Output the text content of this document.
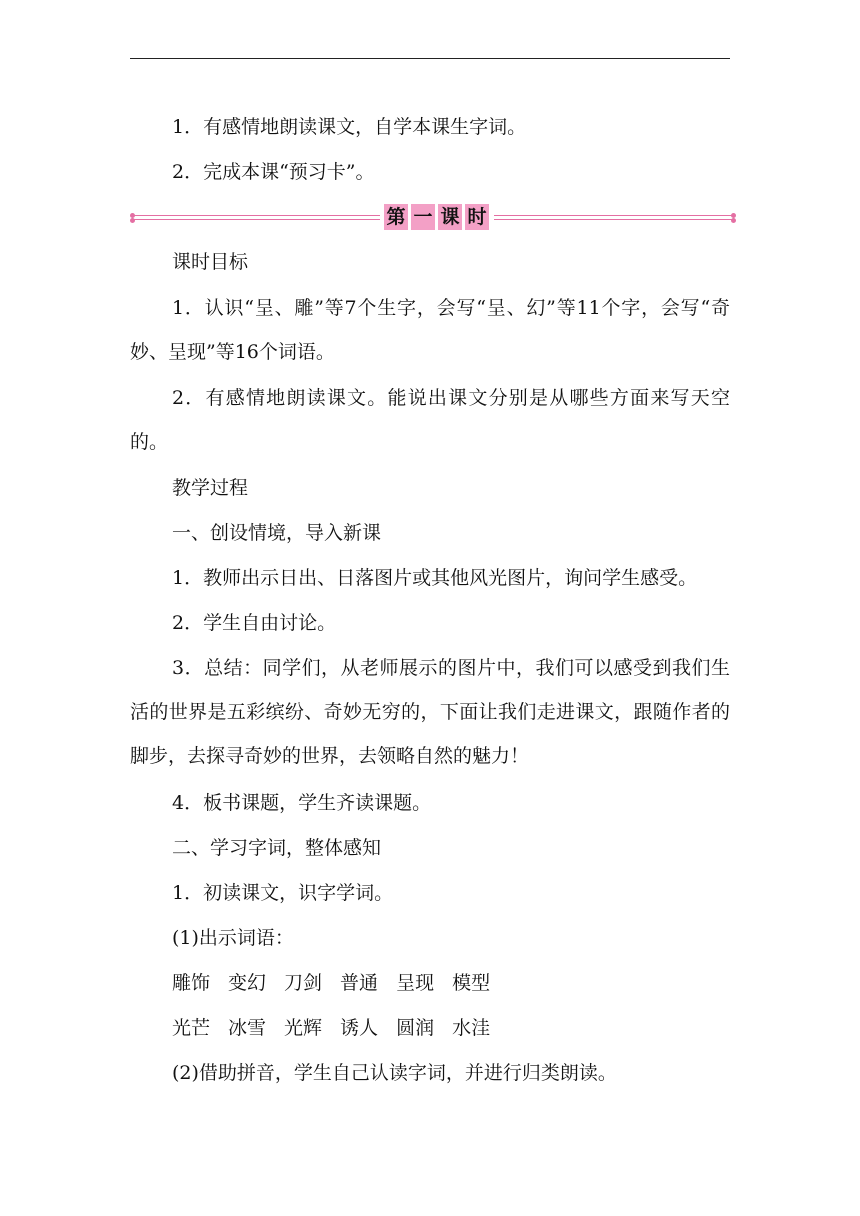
1．有感情地朗读课文，自学本课生字词。

2．完成本课“预习卡”。

第 一 课 时

课时目标

1．认识“呈、雕”等7个生字，会写“呈、幻”等11个字，会写“奇妙、呈现”等16个词语。

2．有感情地朗读课文。能说出课文分别是从哪些方面来写天空的。

教学过程

一、创设情境，导入新课

1．教师出示日出、日落图片或其他风光图片，询问学生感受。

2．学生自由讨论。

3．总结：同学们，从老师展示的图片中，我们可以感受到我们生活的世界是五彩缤纷、奇妙无穷的，下面让我们走进课文，跟随作者的脚步，去探寻奇妙的世界，去领略自然的魅力！

4．板书课题，学生齐读课题。

二、学习字词，整体感知

1．初读课文，识字学词。

(1)出示词语：

雕饰 变幻 刀剑 普通 呈现 模型

光芒 冰雪 光辉 诱人 圆润 水洼

(2)借助拼音，学生自己认读字词，并进行归类朗读。
